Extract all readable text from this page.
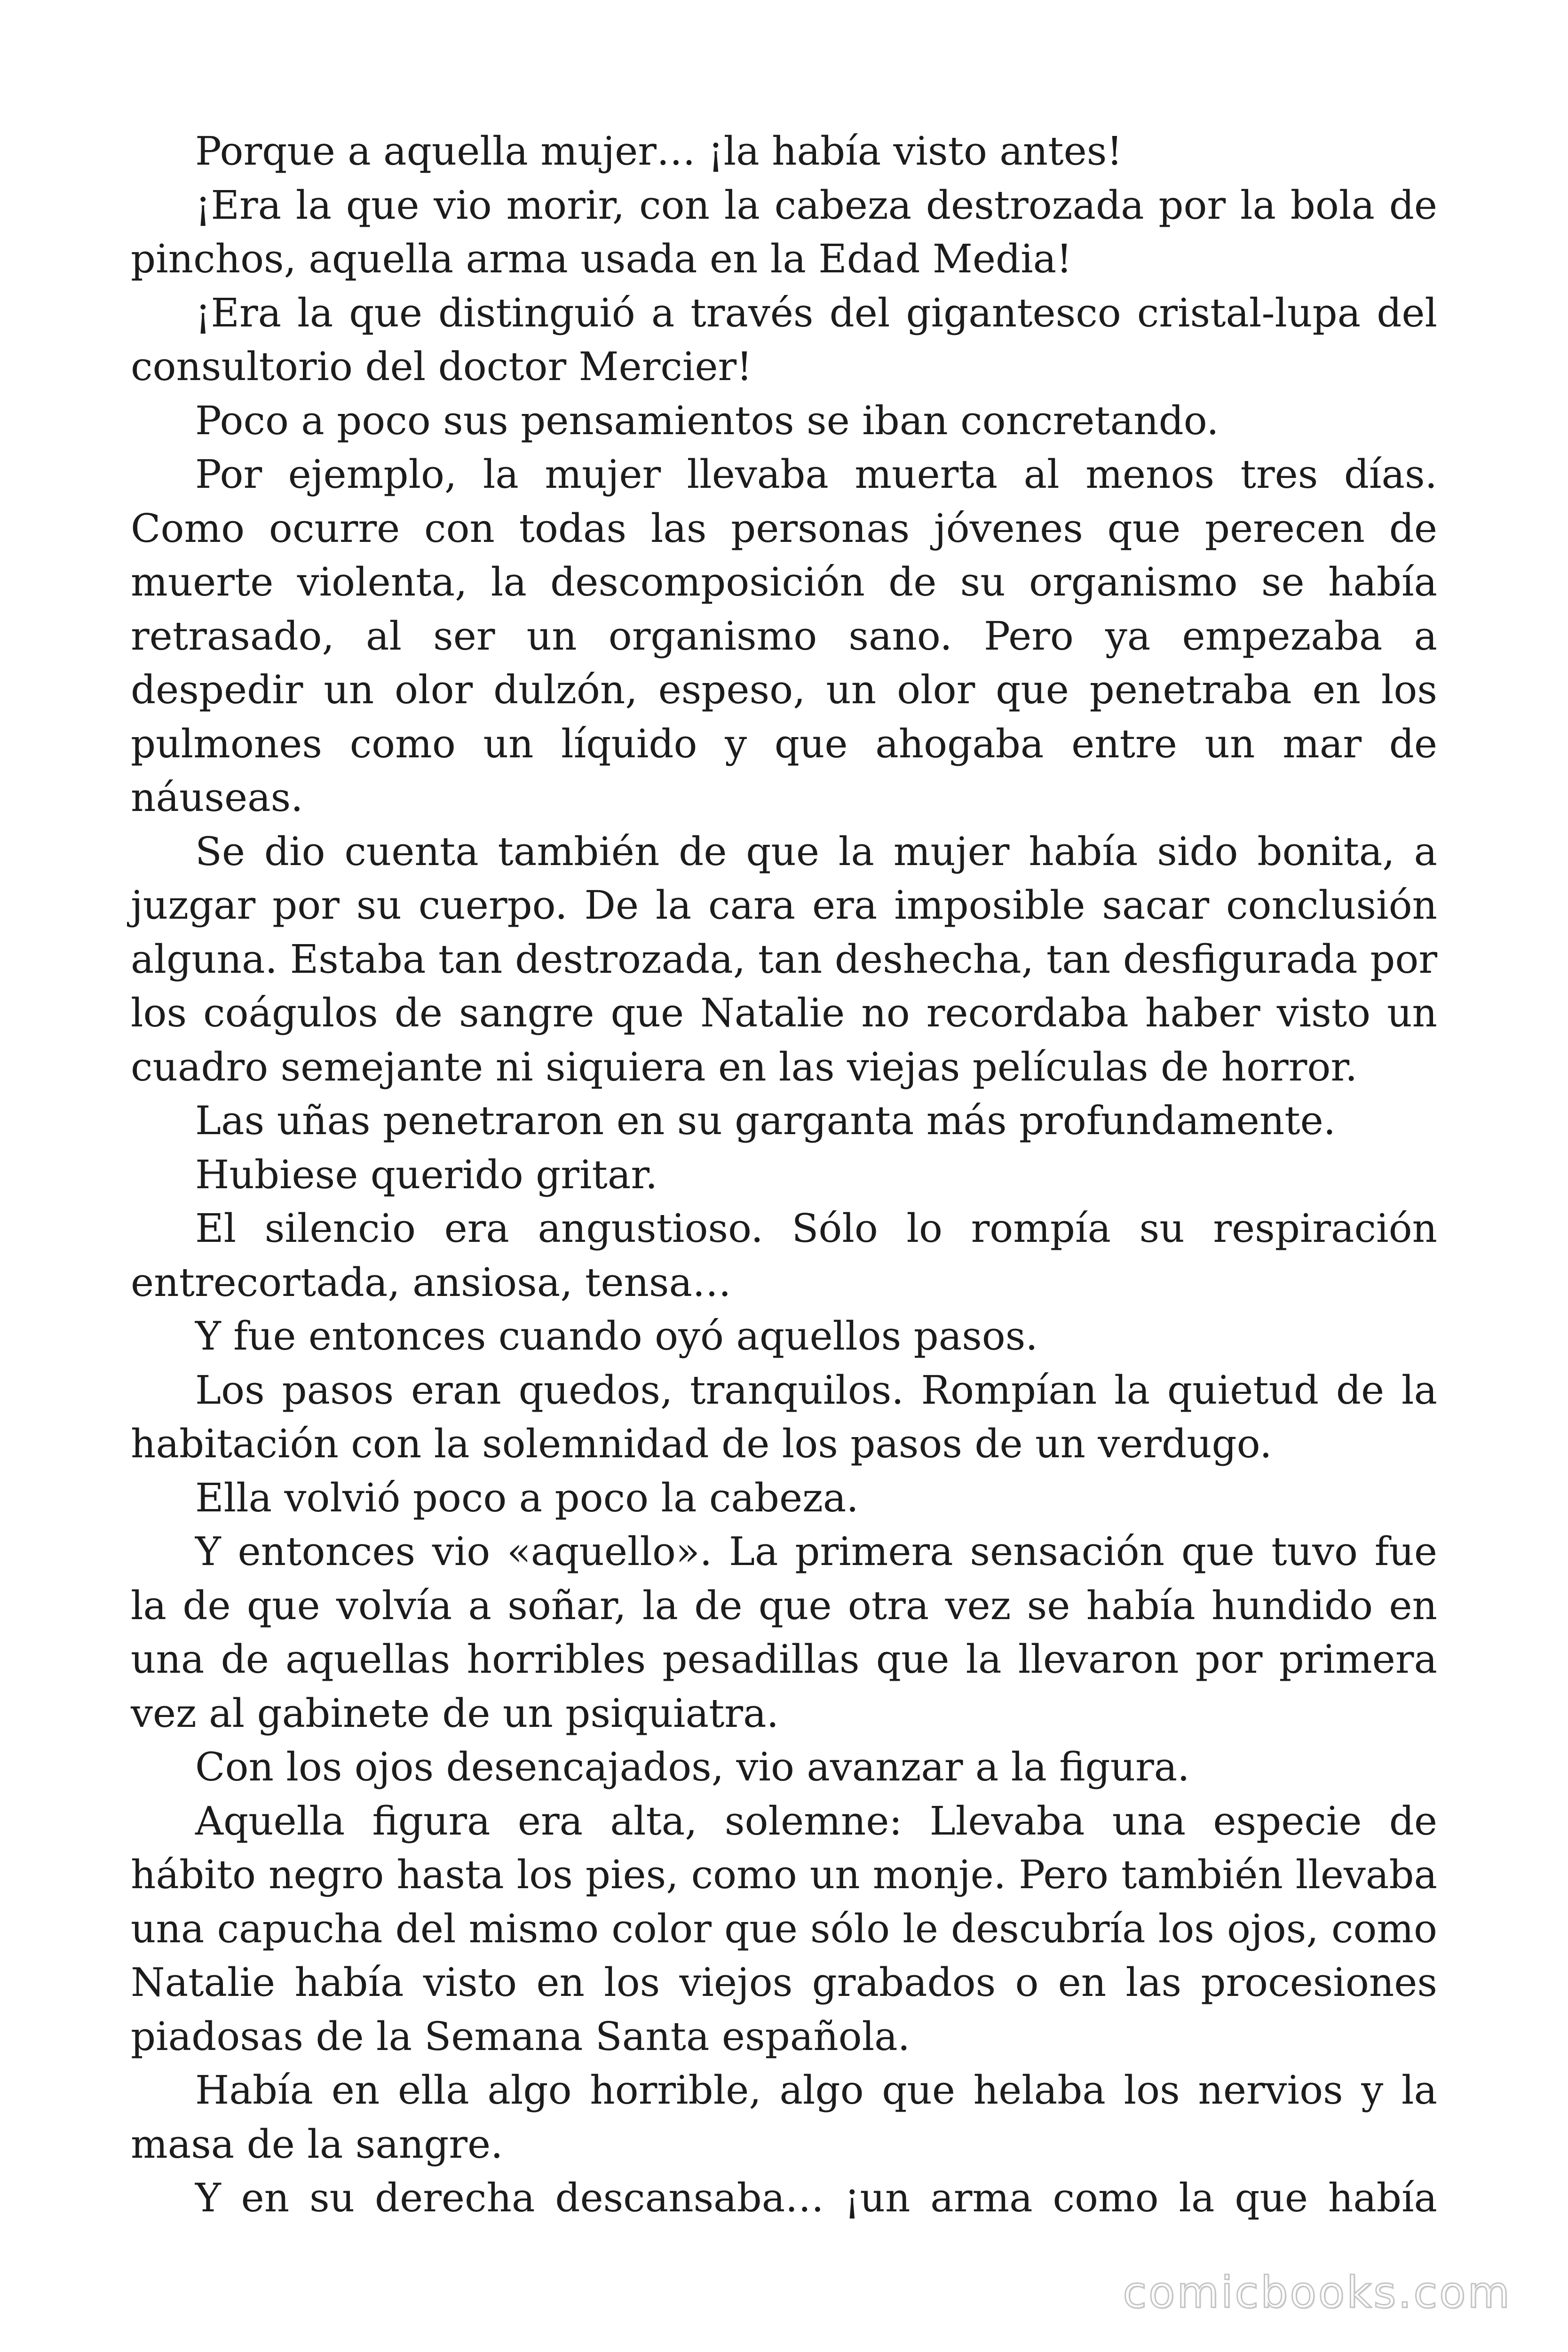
Porque a aquella mujer… ¡la había visto antes!

¡Era la que vio morir, con la cabeza destrozada por la bola de pinchos, aquella arma usada en la Edad Media!

¡Era la que distinguió a través del gigantesco cristal-lupa del consultorio del doctor Mercier!

Poco a poco sus pensamientos se iban concretando.

Por ejemplo, la mujer llevaba muerta al menos tres días. Como ocurre con todas las personas jóvenes que perecen de muerte violenta, la descomposición de su organismo se había retrasado, al ser un organismo sano. Pero ya empezaba a despedir un olor dulzón, espeso, un olor que penetraba en los pulmones como un líquido y que ahogaba entre un mar de náuseas.

Se dio cuenta también de que la mujer había sido bonita, a juzgar por su cuerpo. De la cara era imposible sacar conclusión alguna. Estaba tan destrozada, tan deshecha, tan desfigurada por los coágulos de sangre que Natalie no recordaba haber visto un cuadro semejante ni siquiera en las viejas películas de horror.

Las uñas penetraron en su garganta más profundamente.

Hubiese querido gritar.

El silencio era angustioso. Sólo lo rompía su respiración entrecortada, ansiosa, tensa…

Y fue entonces cuando oyó aquellos pasos.

Los pasos eran quedos, tranquilos. Rompían la quietud de la habitación con la solemnidad de los pasos de un verdugo.

Ella volvió poco a poco la cabeza.

Y entonces vio «aquello». La primera sensación que tuvo fue la de que volvía a soñar, la de que otra vez se había hundido en una de aquellas horribles pesadillas que la llevaron por primera vez al gabinete de un psiquiatra.

Con los ojos desencajados, vio avanzar a la figura.

Aquella figura era alta, solemne: Llevaba una especie de hábito negro hasta los pies, como un monje. Pero también llevaba una capucha del mismo color que sólo le descubría los ojos, como Natalie había visto en los viejos grabados o en las procesiones piadosas de la Semana Santa española.

Había en ella algo horrible, algo que helaba los nervios y la masa de la sangre.

Y en su derecha descansaba… ¡un arma como la que había

comicbooks.com
